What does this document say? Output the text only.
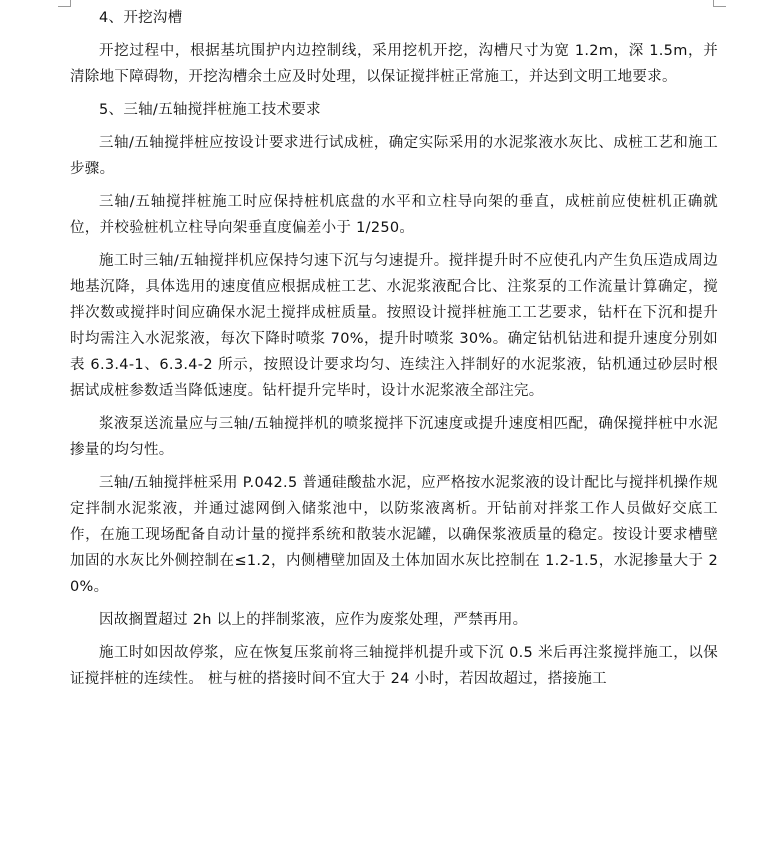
4、开挖沟槽

开挖过程中，根据基坑围护内边控制线，采用挖机开挖，沟槽尺寸为宽 1.2m，深 1.5m，并清除地下障碍物，开挖沟槽余土应及时处理，以保证搅拌桩正常施工，并达到文明工地要求。

5、三轴/五轴搅拌桩施工技术要求

三轴/五轴搅拌桩应按设计要求进行试成桩，确定实际采用的水泥浆液水灰比、成桩工艺和施工步骤。

三轴/五轴搅拌桩施工时应保持桩机底盘的水平和立柱导向架的垂直，成桩前应使桩机正确就位，并校验桩机立柱导向架垂直度偏差小于 1/250。

施工时三轴/五轴搅拌机应保持匀速下沉与匀速提升。搅拌提升时不应使孔内产生负压造成周边地基沉降，具体选用的速度值应根据成桩工艺、水泥浆液配合比、注浆泵的工作流量计算确定，搅拌次数或搅拌时间应确保水泥土搅拌成桩质量。按照设计搅拌桩施工工艺要求，钻杆在下沉和提升时均需注入水泥浆液，每次下降时喷浆 70%，提升时喷浆 30%。确定钻机钻进和提升速度分别如表 6.3.4-1、6.3.4-2 所示，按照设计要求均匀、连续注入拌制好的水泥浆液，钻机通过砂层时根据试成桩参数适当降低速度。钻杆提升完毕时，设计水泥浆液全部注完。

浆液泵送流量应与三轴/五轴搅拌机的喷浆搅拌下沉速度或提升速度相匹配，确保搅拌桩中水泥掺量的均匀性。

三轴/五轴搅拌桩采用 P.042.5 普通硅酸盐水泥，应严格按水泥浆液的设计配比与搅拌机操作规定拌制水泥浆液，并通过滤网倒入储浆池中，以防浆液离析。开钻前对拌浆工作人员做好交底工作，在施工现场配备自动计量的搅拌系统和散装水泥罐，以确保浆液质量的稳定。按设计要求槽壁加固的水灰比外侧控制在≤1.2，内侧槽壁加固及土体加固水灰比控制在 1.2-1.5，水泥掺量大于 20%。

因故搁置超过 2h 以上的拌制浆液，应作为废浆处理，严禁再用。

施工时如因故停浆，应在恢复压浆前将三轴搅拌机提升或下沉 0.5 米后再注浆搅拌施工，以保证搅拌桩的连续性。 桩与桩的搭接时间不宜大于 24 小时，若因故超过，搭接施工
